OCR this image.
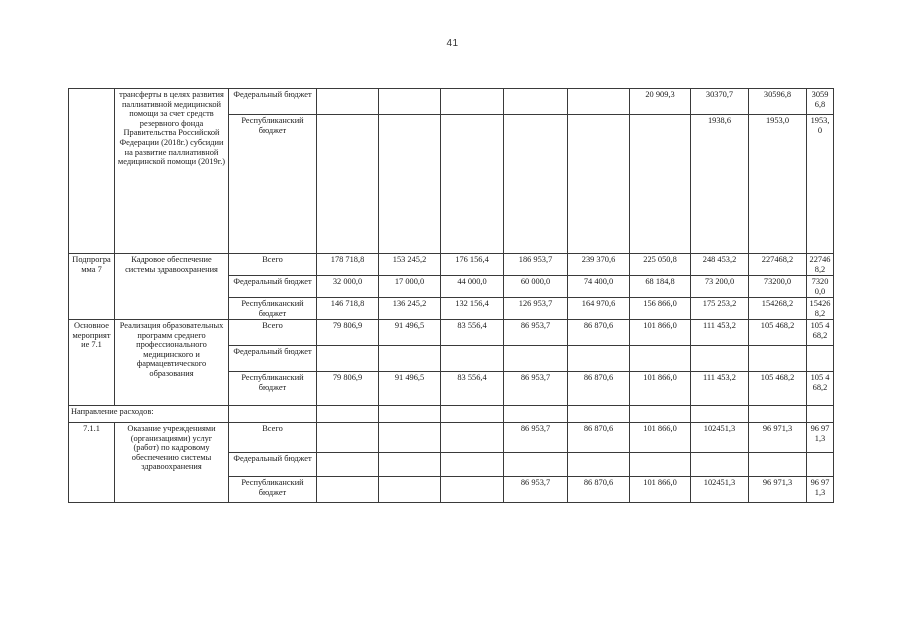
41
	трансферты в целях развития паллиативной медицинской помощи за счет средств резервного фонда Правительства Российской Федерации (2018г.) субсидии на развитие паллиативной медицинской помощи (2019г.)	Федеральный бюджет						20 909,3	30370,7	30596,8	30596,8

		Республиканский бюджет							1938,6	1953,0	1953,0

Подпрограмма 7	Кадровое обеспечение системы здравоохранения	Всего	178 718,8	153 245,2	176 156,4	186 953,7	239 370,6	225 050,8	248 453,2	227468,2	227468,2

		Федеральный бюджет	32 000,0	17 000,0	44 000,0	60 000,0	74 400,0	68 184,8	73 200,0	73200,0	73200,0

		Республиканский бюджет	146 718,8	136 245,2	132 156,4	126 953,7	164 970,6	156 866,0	175 253,2	154268,2	154268,2

Основное мероприятие 7.1	Реализация образовательных программ среднего профессионального медицинского и фармацевтического образования	Всего	79 806,9	91 496,5	83 556,4	86 953,7	86 870,6	101 866,0	111 453,2	105 468,2	105 468,2

		Федеральный бюджет									
		Республиканский бюджет	79 806,9	91 496,5	83 556,4	86 953,7	86 870,6	101 866,0	111 453,2	105 468,2	105 468,2

Направление расходов:											
7.1.1	Оказание учреждениями (организациями) услуг (работ) по кадровому обеспечению системы здравоохранения	Всего				86 953,7	86 870,6	101 866,0	102451,3	96 971,3	96 971,3

		Федеральный бюджет									
		Республиканский бюджет				86 953,7	86 870,6	101 866,0	102451,3	96 971,3	96 971,3
